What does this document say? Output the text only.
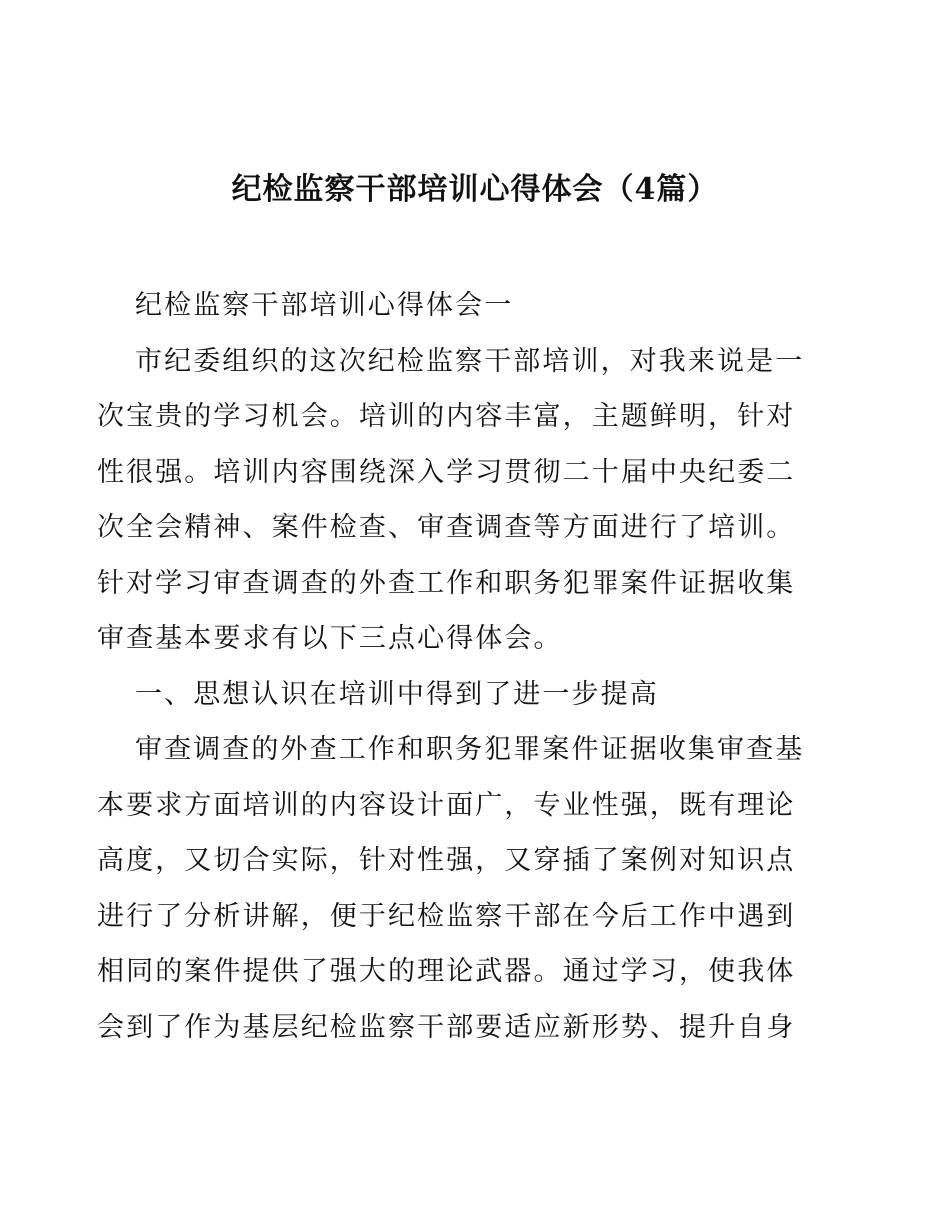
纪检监察干部培训心得体会（4篇）
纪检监察干部培训心得体会一
市纪委组织的这次纪检监察干部培训，对我来说是一
次宝贵的学习机会。培训的内容丰富，主题鲜明，针对
性很强。培训内容围绕深入学习贯彻二十届中央纪委二
次全会精神、案件检查、审查调查等方面进行了培训。
针对学习审查调查的外查工作和职务犯罪案件证据收集
审查基本要求有以下三点心得体会。
一、思想认识在培训中得到了进一步提高
审查调查的外查工作和职务犯罪案件证据收集审查基
本要求方面培训的内容设计面广，专业性强，既有理论
高度，又切合实际，针对性强，又穿插了案例对知识点
进行了分析讲解，便于纪检监察干部在今后工作中遇到
相同的案件提供了强大的理论武器。通过学习，使我体
会到了作为基层纪检监察干部要适应新形势、提升自身
